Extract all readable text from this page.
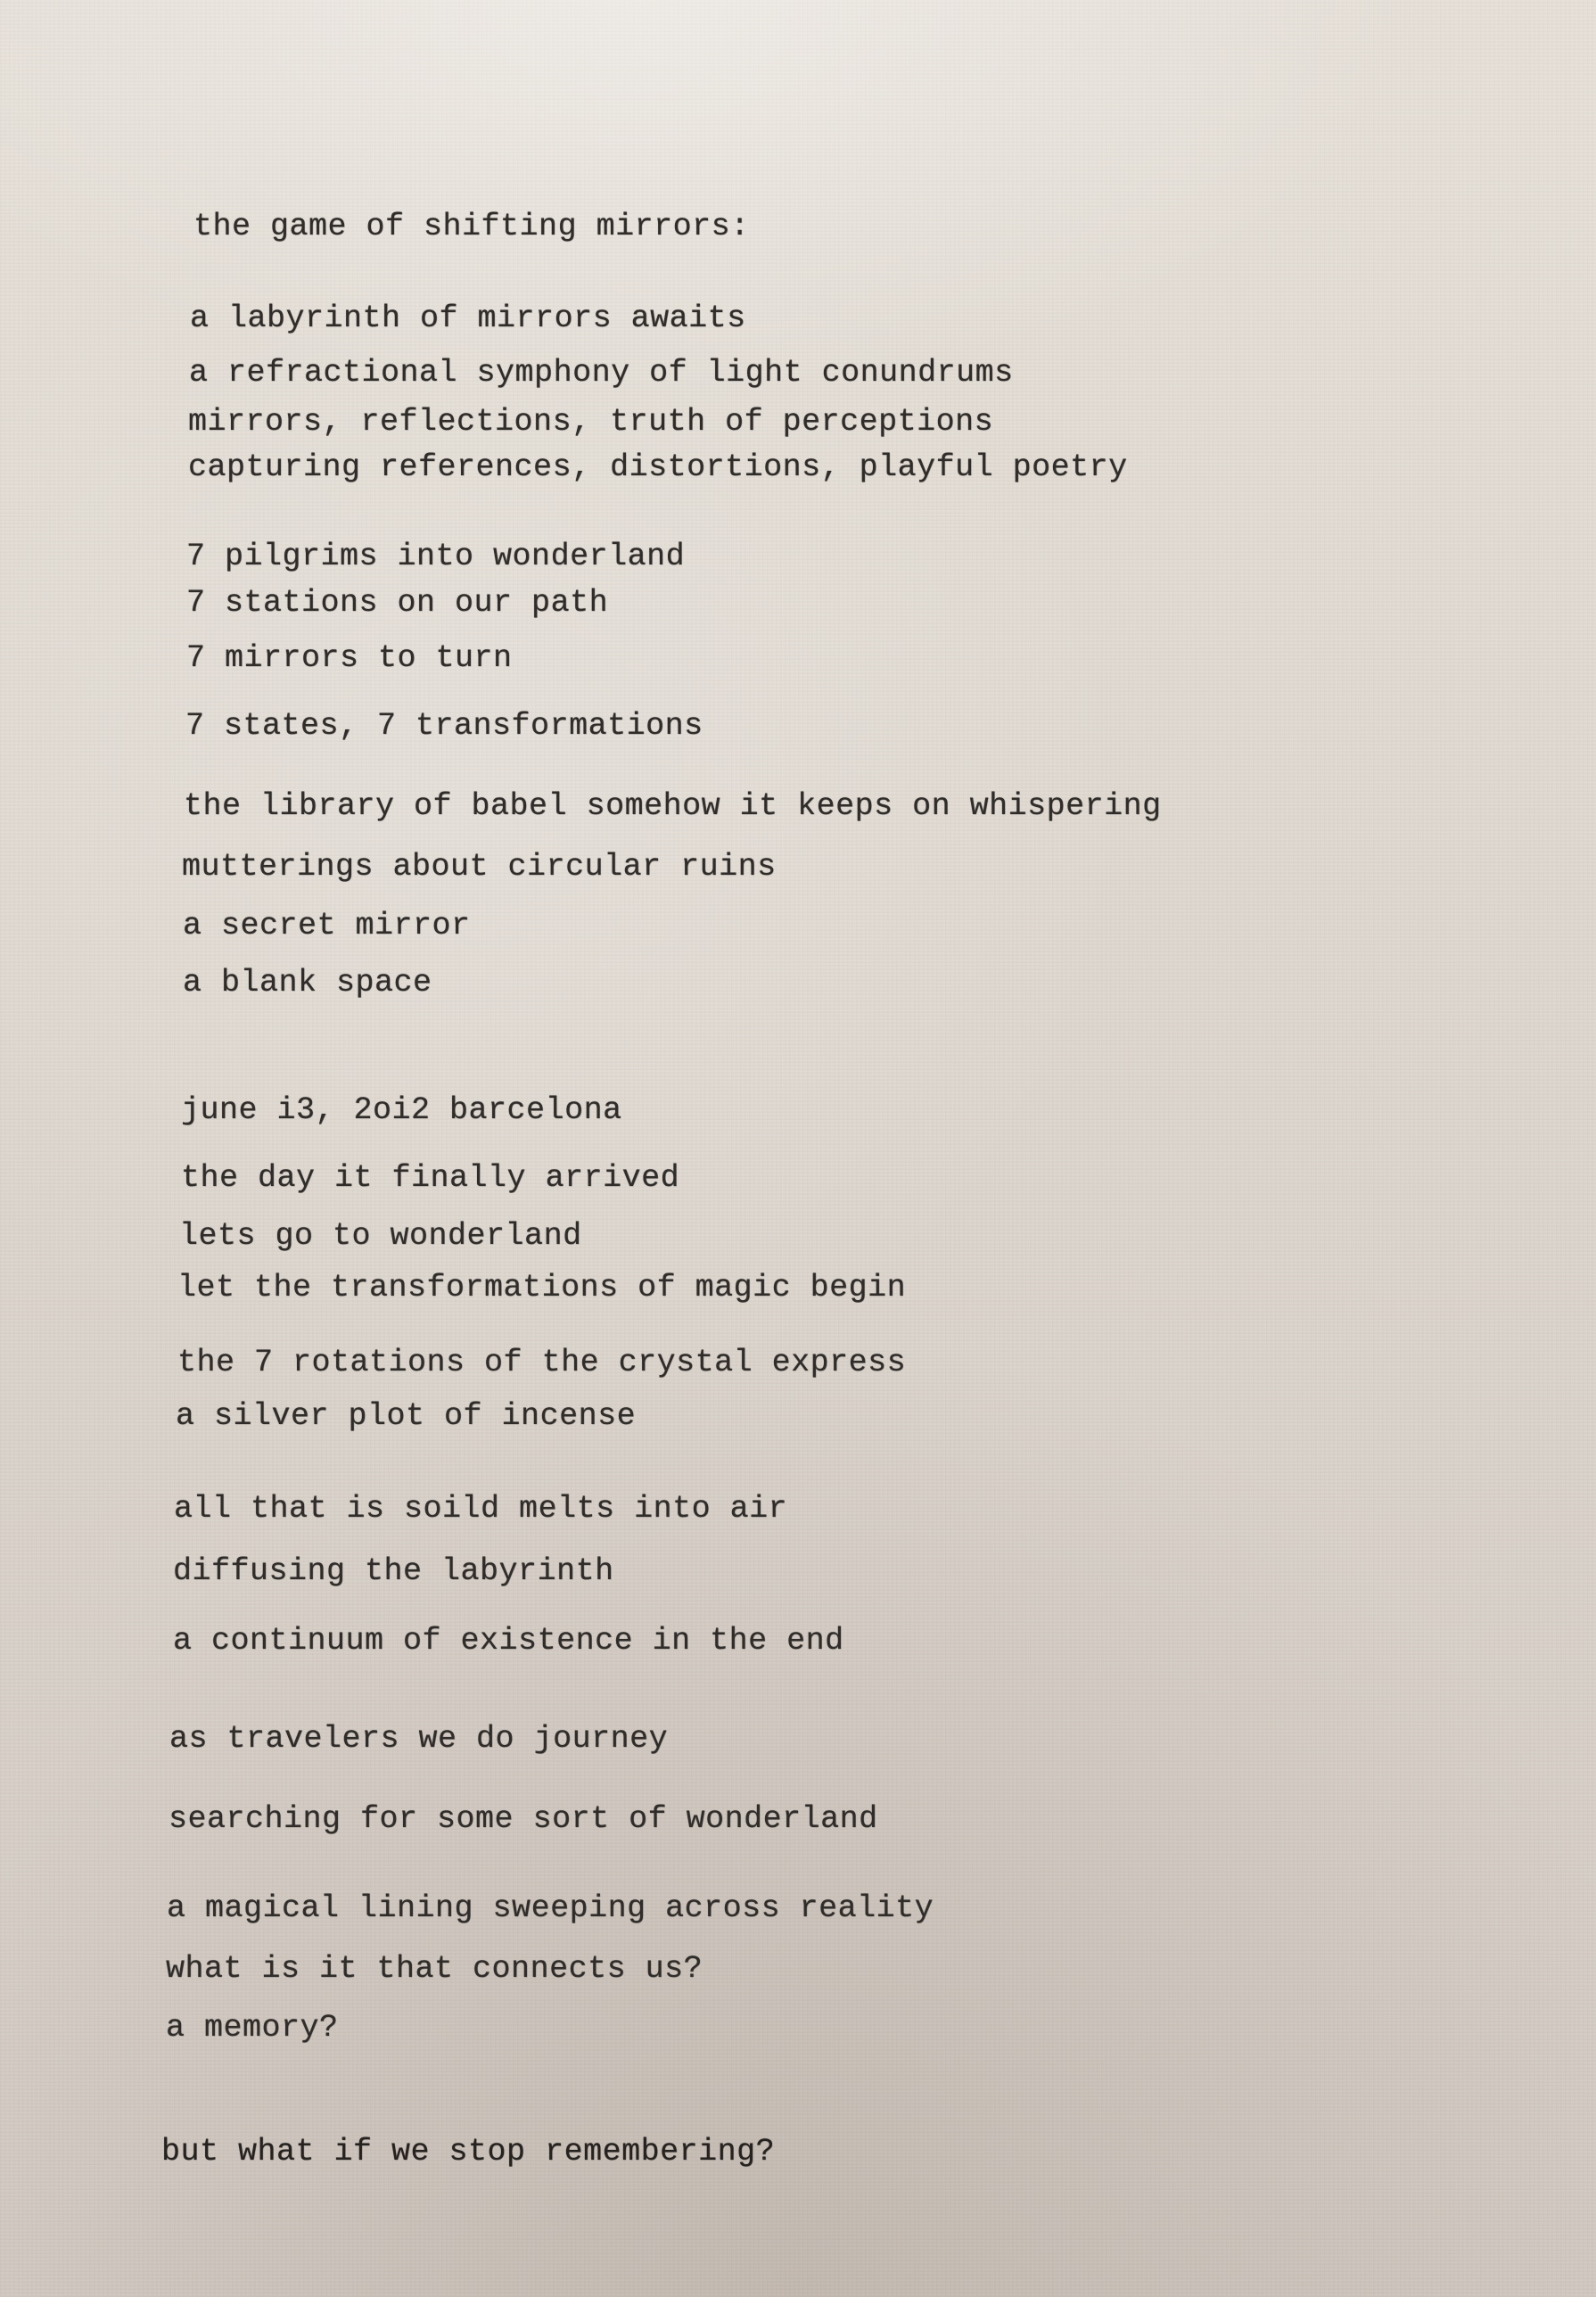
the game of shifting mirrors:

a labyrinth of mirrors awaits

a refractional symphony of light conundrums

mirrors, reflections, truth of perceptions

capturing references, distortions, playful poetry

7 pilgrims into wonderland

7 stations on our path

7 mirrors to turn

7 states, 7 transformations

the library of babel somehow it keeps on whispering

mutterings about circular ruins

a secret mirror

a blank space

june i3, 2oi2 barcelona

the day it finally arrived

lets go to wonderland

let the transformations of magic begin

the 7 rotations of the crystal express

a silver plot of incense

all that is soild melts into air

diffusing the labyrinth

a continuum of existence in the end

as travelers we do journey

searching for some sort of wonderland

a magical lining sweeping across reality

what is it that connects us?

a memory?

but what if we stop remembering?
